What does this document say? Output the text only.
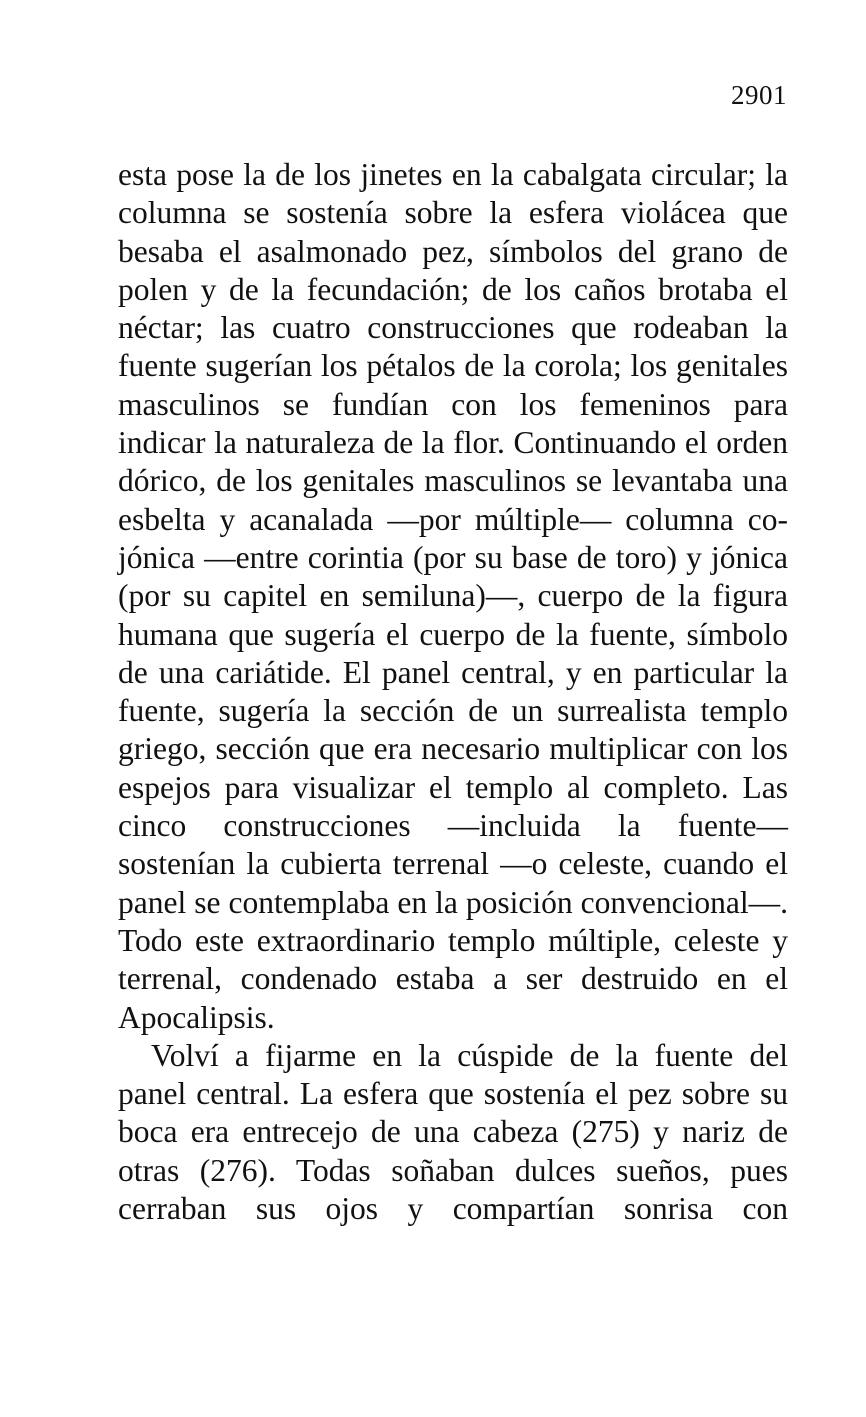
2901

esta pose la de los jinetes en la cabalgata circular; la columna se sostenía sobre la esfera violácea que besaba el asalmonado pez, símbolos del grano de polen y de la fecundación; de los caños brotaba el néctar; las cuatro construcciones que rodeaban la fuente sugerían los pétalos de la corola; los genitales masculinos se fundían con los femeninos para indicar la naturaleza de la flor. Continuando el orden dórico, de los genitales masculinos se levantaba una esbelta y acanalada —por múltiple— columna co-jónica —entre corintia (por su base de toro) y jónica (por su capitel en semiluna)—, cuerpo de la figura humana que sugería el cuerpo de la fuente, símbolo de una cariátide. El panel central, y en particular la fuente, sugería la sección de un surrealista templo griego, sección que era necesario multiplicar con los espejos para visualizar el templo al completo. Las cinco construcciones —incluida la fuente— sostenían la cubierta terrenal —o celeste, cuando el panel se contemplaba en la posición convencional—. Todo este extraordinario templo múltiple, celeste y terrenal, condenado estaba a ser destruido en el Apocalipsis.

Volví a fijarme en la cúspide de la fuente del panel central. La esfera que sostenía el pez sobre su boca era entrecejo de una cabeza (275) y nariz de otras (276). Todas soñaban dulces sueños, pues cerraban sus ojos y compartían sonrisa con
